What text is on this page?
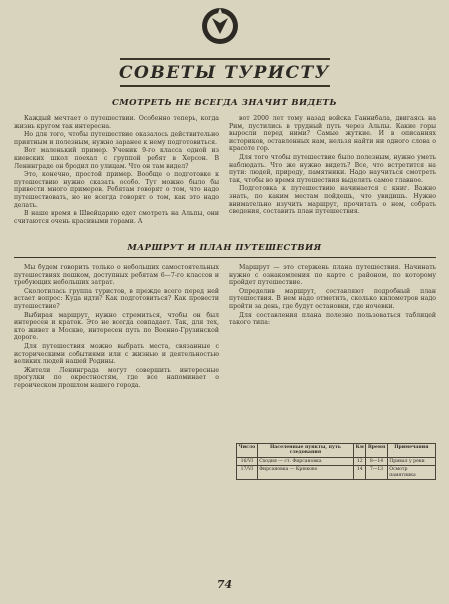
СОВЕТЫ ТУРИСТУ
СМОТРЕТЬ НЕ ВСЕГДА ЗНАЧИТ ВИДЕТЬ

Каждый мечтает о путешествии. Особенно теперь, когда жизнь кругом так интересна.

Но для того, чтобы путешествие оказалось действительно приятным и полезным, нужно заранее к нему подготовиться.

Вот маленький пример. Ученик 9-го класса одной из киевских школ поехал с группой ребят в Херсон. В Ленинграде он бродил по улицам. Что он там видел?

Это, конечно, простой пример. Вообще о подготовке к путешествию нужно сказать особо. Тут можно было бы привести много примеров. Ребятам говорят о том, что надо путешествовать, но не всегда говорят о том, как это надо делать.

В наше время в Швейцарию едет смотреть на Альпы, они считаются очень красивыми горами. А

вот 2000 лет тому назад войска Ганнибала, двигаясь на Рим, пустились в трудный путь через Альпы. Какие горы выросли перед ними? Самые жуткие. И в описаниях историков, оставленных нам, нельзя найти ни одного слова о красоте гор.

Для того чтобы путешествие было полезным, нужно уметь наблюдать. Что же нужно видеть? Все, что встретится на пути: людей, природу, памятники. Надо научиться смотреть так, чтобы во время путешествия выделять самое главное.

Подготовка к путешествию начинается с книг. Важно знать, по каким местам пойдешь, что увидишь. Нужно внимательно изучить маршрут, прочитать о нем, собрать сведения, составить план путешествия.

МАРШРУТ И ПЛАН ПУТЕШЕСТВИЯ

Мы будем говорить только о небольших самостоятельных путешествиях пешком, доступных ребятам 6—7-го классов и требующих небольших затрат.

Сколотилась группа туристов, в прежде всего перед ней встает вопрос: Куда идти? Как подготовиться? Как провести путешествие?

Выбирая маршрут, нужно стремиться, чтобы он был интересен и краток. Это не всегда совпадает. Так, для тех, кто живет в Москве, интересен путь по Военно-Грузинской дороге.

Для путешествия можно выбрать места, связанные с историческими событиями или с жизнью и деятельностью великих людей нашей Родины.

Жители Ленинграда могут совершить интересные прогулки по окрестностям, где все напоминает о героическом прошлом нашего города.

Маршрут — это стержень плана путешествия. Начинать нужно с ознакомления по карте с районом, по которому пройдет путешествие.

Определив маршрут, составляют подробный план путешествия. В нем надо отметить, сколько километров надо пройти за день, где будут остановки, где ночевки.

Для составления плана полезно пользоваться таблицей такого типа:

Число	Населенные пункты, путь следования	Км	Время	Примечания
16/VI	Сходня — ст. Фирсановка	12	8—14	Привал у реки
17/VI	Фирсановка — Крюково	14	7—13	Осмотр памятника
74
